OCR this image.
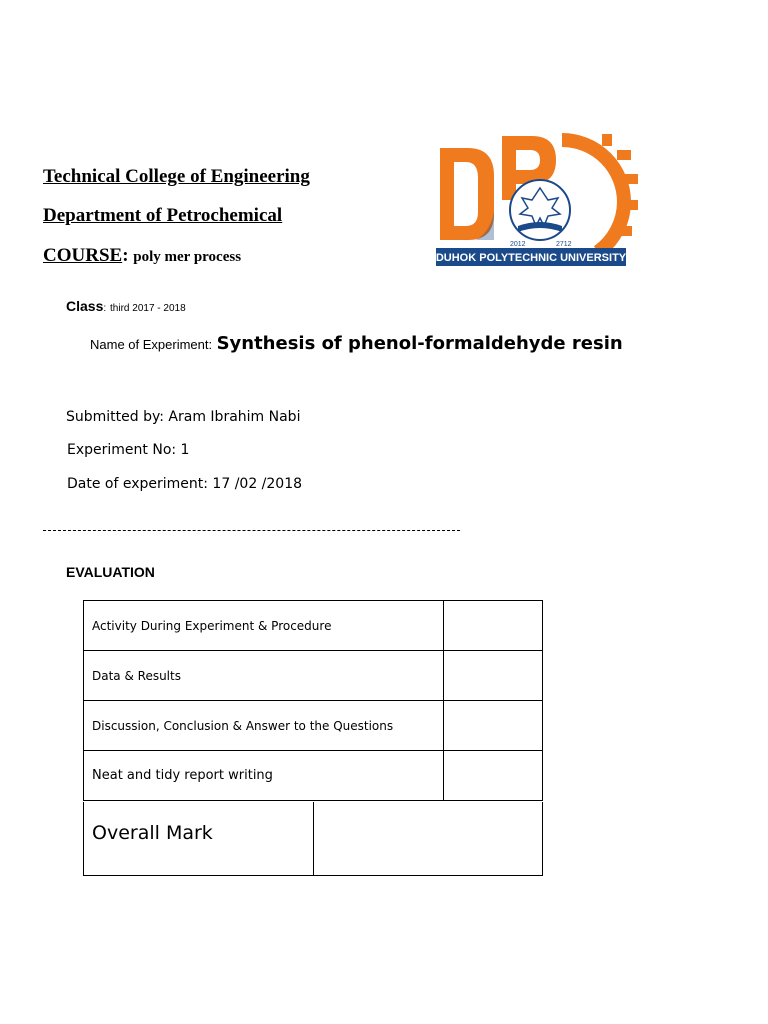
Technical College of Engineering
Department of Petrochemical
COURSE: poly mer process
2012	2712
DUHOK POLYTECHNIC UNIVERSITY
Class: third 2017 - 2018
Name of Experiment: Synthesis of phenol-formaldehyde resin
Submitted by: Aram Ibrahim Nabi
Experiment No: 1
Date of experiment: 17 /02 /2018
EVALUATION
Activity During Experiment & Procedure	
Data & Results	
Discussion, Conclusion & Answer to the Questions	
Neat and tidy report writing	
Overall Mark
